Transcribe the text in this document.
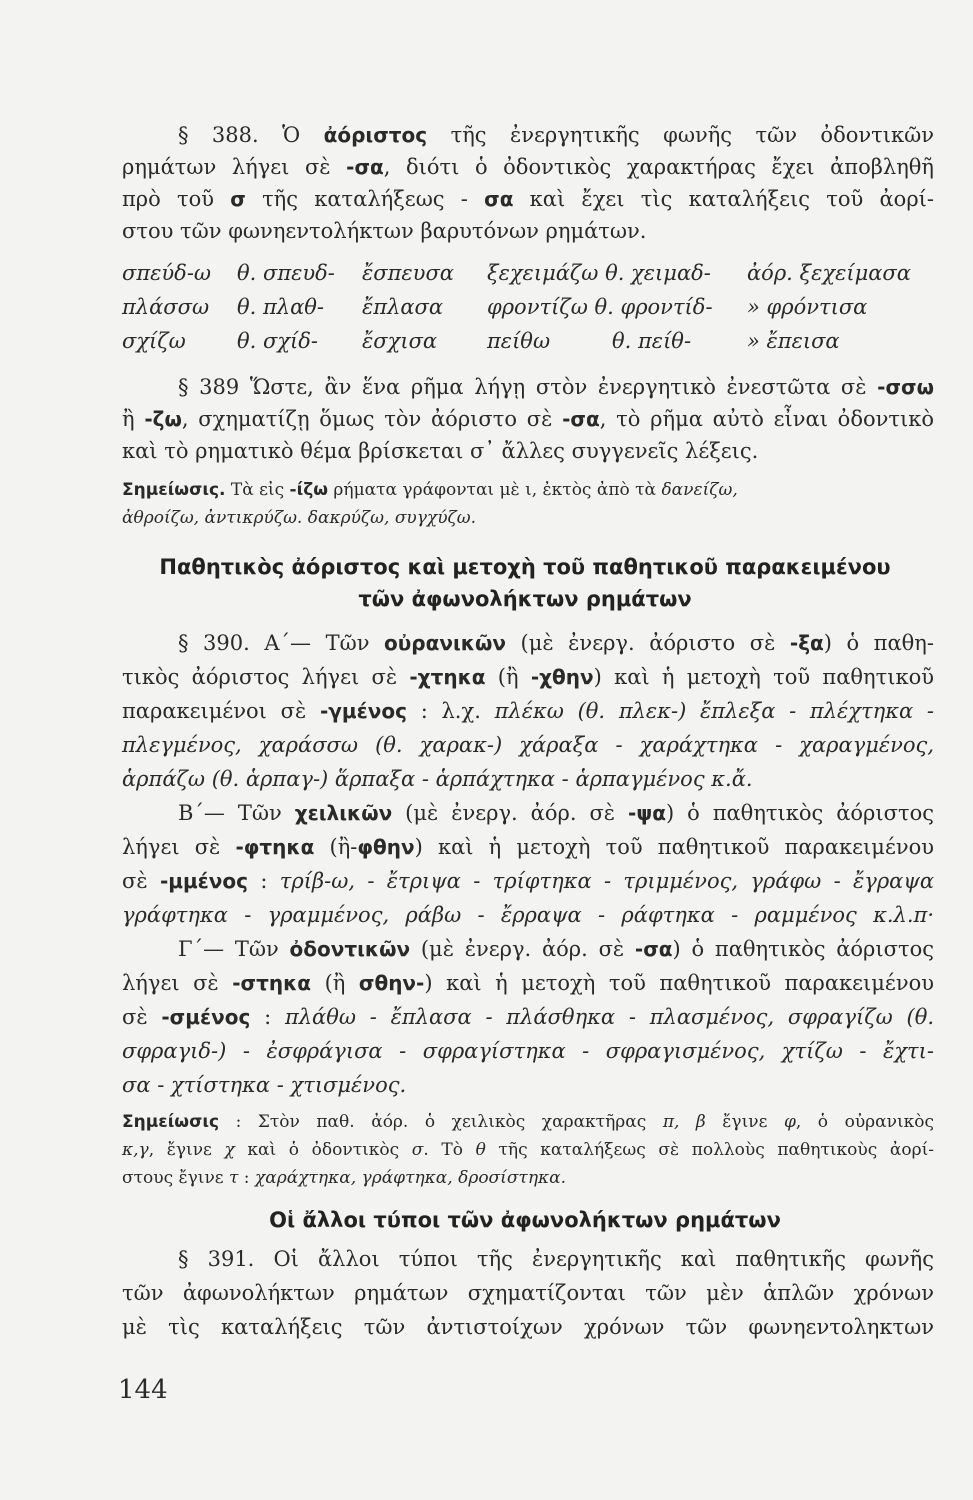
§ 388. Ὁ ἀόριστος τῆς ἐνεργητικῆς φωνῆς τῶν ὀδοντικῶν
ρημάτων λήγει σὲ -σα, διότι ὁ ὀδοντικὸς χαρακτήρας ἔχει ἀποβληθῆ
πρὸ τοῦ σ τῆς καταλήξεως - σα καὶ ἔχει τὶς καταλήξεις τοῦ ἀορί-
στου τῶν φωνηεντολήκτων βαρυτόνων ρημάτων.
σπεύδ-ω θ. σπευδ- ἔσπευσα ξεχειμάζω θ. χειμαδ- ἀόρ. ξεχείμασα
πλάσσω θ. πλαθ- ἔπλασα φροντίζω θ. φροντίδ- » φρόντισα
σχίζω θ. σχίδ- ἔσχισα πείθω	θ. πείθ-	» ἔπεισα
§ 389 Ὥστε, ἂν ἕνα ρῆμα λήγῃ στὸν ἐνεργητικὸ ἐνεστῶτα σὲ -σσω
ἢ -ζω, σχηματίζῃ ὅμως τὸν ἀόριστο σὲ -σα, τὸ ρῆμα αὐτὸ εἶναι ὀδοντικὸ
καὶ τὸ ρηματικὸ θέμα βρίσκεται σ᾿ ἄλλες συγγενεῖς λέξεις.
Σημείωσις. Τὰ εἰς -ίζω ρήματα γράφονται μὲ ι, ἐκτὸς ἀπὸ τὰ δανείζω,
ἀθροίζω, ἀντικρύζω. δακρύζω, συγχύζω.
Παθητικὸς ἀόριστος καὶ μετοχὴ τοῦ παθητικοῦ παρακειμένου
τῶν ἀφωνολήκτων ρημάτων
§ 390. Α΄— Τῶν οὐρανικῶν (μὲ ἐνεργ. ἀόριστο σὲ -ξα) ὁ παθη-
τικὸς ἀόριστος λήγει σὲ -χτηκα (ἢ -χθην) καὶ ἡ μετοχὴ τοῦ παθητικοῦ
παρακειμένοι σὲ -γμένος : λ.χ. πλέκω (θ. πλεκ-) ἔπλεξα - πλέχτηκα -
πλεγμένος, χαράσσω (θ. χαρακ-) χάραξα - χαράχτηκα - χαραγμένος,
ἁρπάζω (θ. ἁρπαγ-) ἅρπαξα - ἁρπάχτηκα - ἁρπαγμένος κ.ἄ.
Β΄— Τῶν χειλικῶν (μὲ ἐνεργ. ἀόρ. σὲ -ψα) ὁ παθητικὸς ἀόριστος
λήγει σὲ -φτηκα (ἢ-φθην) καὶ ἡ μετοχὴ τοῦ παθητικοῦ παρακειμένου
σὲ -μμένος : τρίβ-ω, - ἔτριψα - τρίφτηκα - τριμμένος, γράφω - ἔγραψα
γράφτηκα - γραμμένος, ράβω - ἔρραψα - ράφτηκα - ραμμένος κ.λ.π·
Γ΄— Τῶν ὀδοντικῶν (μὲ ἐνεργ. ἀόρ. σὲ -σα) ὁ παθητικὸς ἀόριστος
λήγει σὲ -στηκα (ἢ σθην-) καὶ ἡ μετοχὴ τοῦ παθητικοῦ παρακειμένου
σὲ -σμένος : πλάθω - ἔπλασα - πλάσθηκα - πλασμένος, σφραγίζω (θ.
σφραγιδ-) - ἐσφράγισα - σφραγίστηκα - σφραγισμένος, χτίζω - ἔχτι-
σα - χτίστηκα - χτισμένος.
Σημείωσις : Στὸν παθ. ἀόρ. ὁ χειλικὸς χαρακτῆρας π, β ἔγινε φ, ὁ οὐρανικὸς
κ,γ, ἔγινε χ καὶ ὁ ὀδοντικὸς σ. Τὸ θ τῆς καταλήξεως σὲ πολλοὺς παθητικοὺς ἀορί-
στους ἔγινε τ : χαράχτηκα, γράφτηκα, δροσίστηκα.
Οἱ ἄλλοι τύποι τῶν ἀφωνολήκτων ρημάτων
§ 391. Οἱ ἄλλοι τύποι τῆς ἐνεργητικῆς καὶ παθητικῆς φωνῆς
τῶν ἀφωνολήκτων ρημάτων σχηματίζονται τῶν μὲν ἁπλῶν χρόνων
μὲ τὶς καταλήξεις τῶν ἀντιστοίχων χρόνων τῶν φωνηεντοληκτων
144
